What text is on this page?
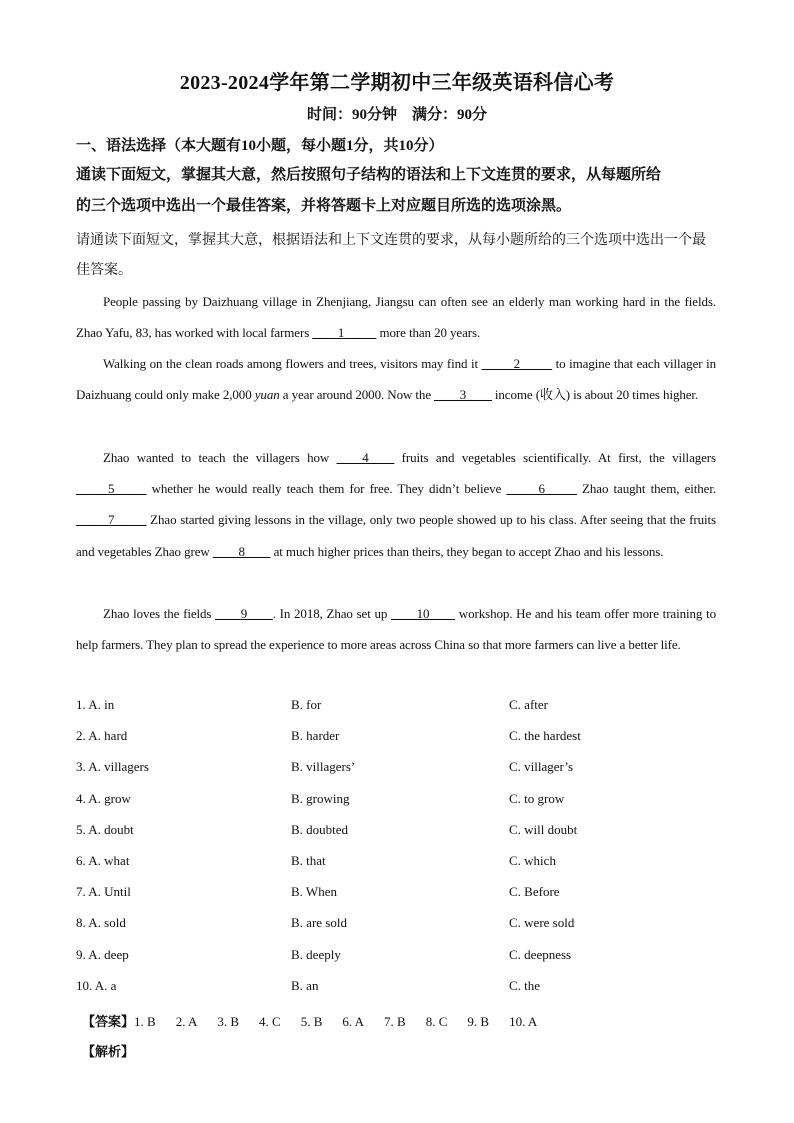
2023-2024学年第二学期初中三年级英语科信心考
时间：90分钟　满分：90分
一、语法选择（本大题有10小题，每小题1分，共10分）
通读下面短文，掌握其大意，然后按照句子结构的语法和上下文连贯的要求，从每题所给
的三个选项中选出一个最佳答案，并将答题卡上对应题目所选的选项涂黑。
请通读下面短文，掌握其大意，根据语法和上下文连贯的要求，从每小题所给的三个选项中选出一个最
佳答案。
People passing by Daizhuang village in Zhenjiang, Jiangsu can often see an elderly man working hard in the fields. Zhao Yafu, 83, has worked with local farmers ____1_____ more than 20 years.
Walking on the clean roads among flowers and trees, visitors may find it _____2_____ to imagine that each villager in Daizhuang could only make 2,000 yuan a year around 2000. Now the ____3____ income (收入) is about 20 times higher.
Zhao wanted to teach the villagers how ____4____ fruits and vegetables scientifically. At first, the villagers _____5_____ whether he would really teach them for free. They didn’t believe _____6_____ Zhao taught them, either. _____7_____ Zhao started giving lessons in the village, only two people showed up to his class. After seeing that the fruits and vegetables Zhao grew ____8____ at much higher prices than theirs, they began to accept Zhao and his lessons.
Zhao loves the fields ____9____. In 2018, Zhao set up ____10____ workshop. He and his team offer more training to help farmers. They plan to spread the experience to more areas across China so that more farmers can live a better life.
1. A. in	B. for	C. after
2. A. hard	B. harder	C. the hardest
3. A. villagers	B. villagers’	C. villager’s
4. A. grow	B. growing	C. to grow
5. A. doubt	B. doubted	C. will doubt
6. A. what	B. that	C. which
7. A. Until	B. When	C. Before
8. A. sold	B. are sold	C. were sold
9. A. deep	B. deeply	C. deepness
10. A. a	B. an	C. the
【答案】1. B 2. A 3. B 4. C 5. B 6. A 7. B 8. C 9. B 10. A
【解析】
